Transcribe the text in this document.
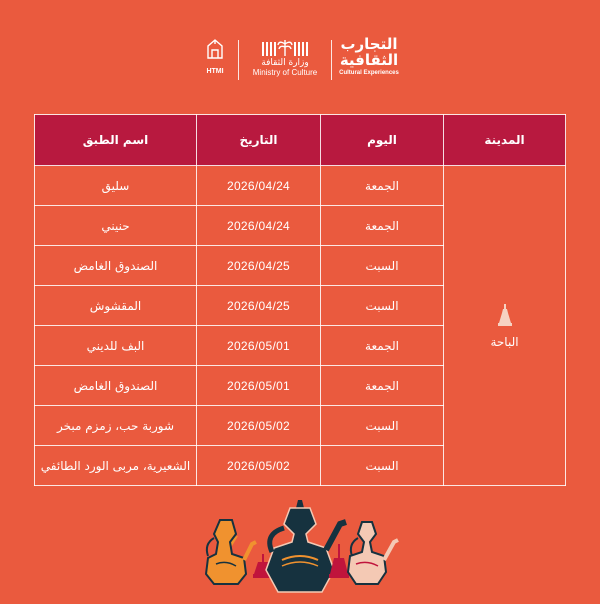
التجارب الثقافية
Cultural Experiences
وزارة الثقافة
Ministry of Culture
HTMI
اسم الطبق	التاريخ	اليوم	المدينة
سليق	2026/04/24	الجمعة	الباحة
حنيني	2026/04/24	الجمعة	
الصندوق الغامض	2026/04/25	السبت	
المقشوش	2026/04/25	السبت	
البف للديني	2026/05/01	الجمعة	
الصندوق الغامض	2026/05/01	الجمعة	
شوربة حب، زمزم مبخر	2026/05/02	السبت	
الشعيرية، مربى الورد الطائفي	2026/05/02	السبت	
